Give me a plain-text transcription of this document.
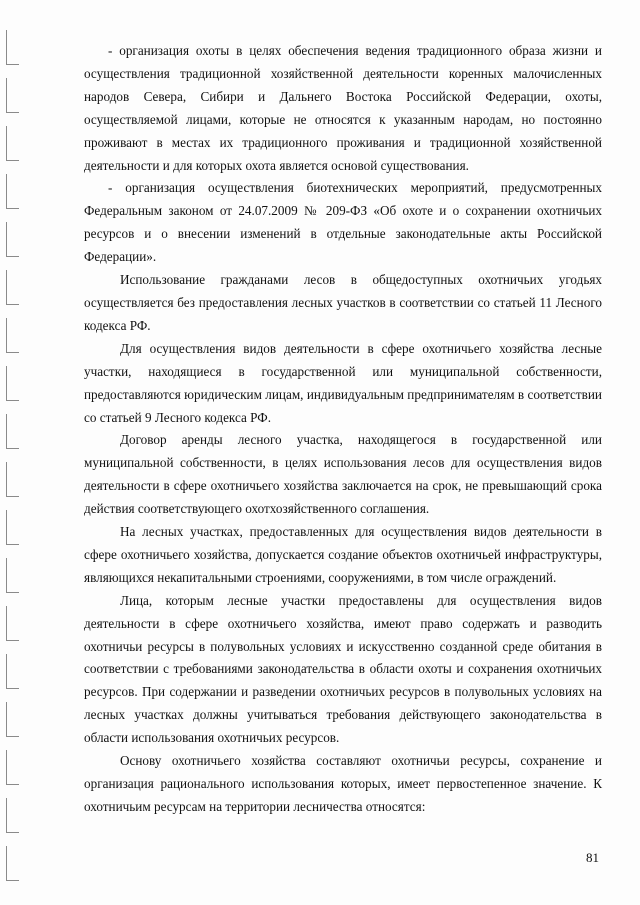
- организация охоты в целях обеспечения ведения традиционного образа жизни и осуществления традиционной хозяйственной деятельности коренных малочисленных народов Севера, Сибири и Дальнего Востока Российской Федерации, охоты, осуществляемой лицами, которые не относятся к указанным народам, но постоянно проживают в местах их традиционного проживания и традиционной хозяйственной деятельности и для которых охота является основой существования.

- организация осуществления биотехнических мероприятий, предусмотренных Федеральным законом от 24.07.2009 № 209-ФЗ «Об охоте и о сохранении охотничьих ресурсов и о внесении изменений в отдельные законодательные акты Российской Федерации».

Использование гражданами лесов в общедоступных охотничьих угодьях осуществляется без предоставления лесных участков в соответствии со статьей 11 Лесного кодекса РФ.

Для осуществления видов деятельности в сфере охотничьего хозяйства лесные участки, находящиеся в государственной или муниципальной собственности, предоставляются юридическим лицам, индивидуальным предпринимателям в соответствии со статьей 9 Лесного кодекса РФ.

Договор аренды лесного участка, находящегося в государственной или муниципальной собственности, в целях использования лесов для осуществления видов деятельности в сфере охотничьего хозяйства заключается на срок, не превышающий срока действия соответствующего охотхозяйственного соглашения.

На лесных участках, предоставленных для осуществления видов деятельности в сфере охотничьего хозяйства, допускается создание объектов охотничьей инфраструктуры, являющихся некапитальными строениями, сооружениями, в том числе ограждений.

Лица, которым лесные участки предоставлены для осуществления видов деятельности в сфере охотничьего хозяйства, имеют право содержать и разводить охотничьи ресурсы в полувольных условиях и искусственно созданной среде обитания в соответствии с требованиями законодательства в области охоты и сохранения охотничьих ресурсов. При содержании и разведении охотничьих ресурсов в полувольных условиях на лесных участках должны учитываться требования действующего законодательства в области использования охотничьих ресурсов.

Основу охотничьего хозяйства составляют охотничьи ресурсы, сохранение и организация рационального использования которых, имеет первостепенное значение. К охотничьим ресурсам на территории лесничества относятся:

81
